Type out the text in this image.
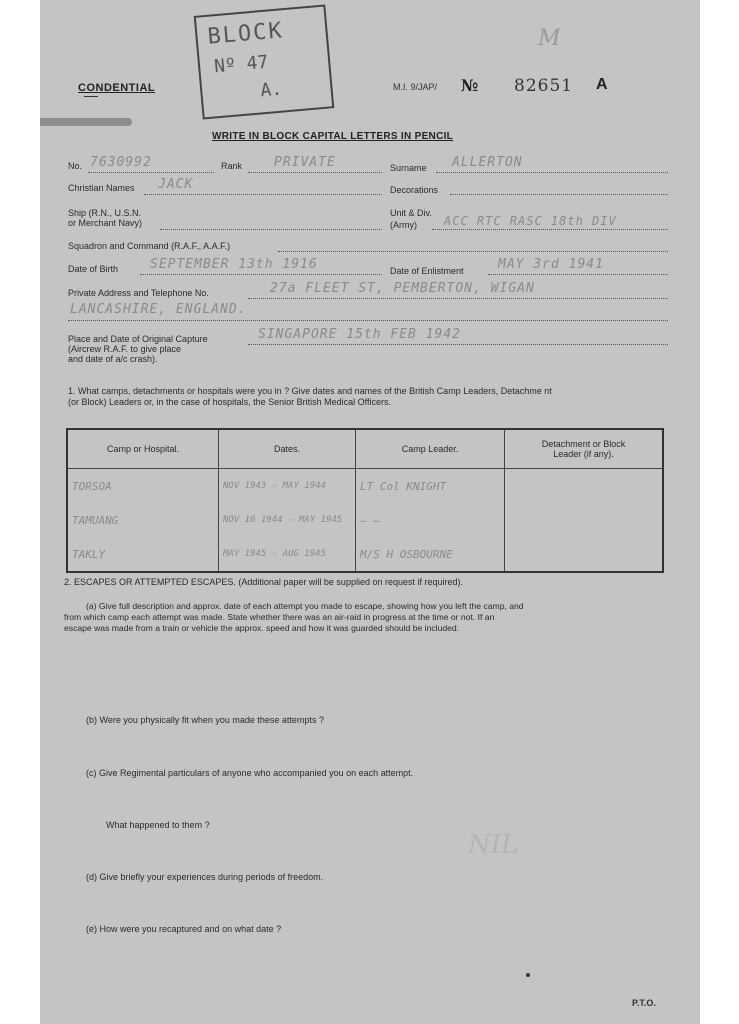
M
CONDENTIAL
BLOCK
Nº 47
A.	M.I. 9/JAP/ № 82651 A
WRITE IN BLOCK CAPITAL LETTERS IN PENCIL
No. 7630992	Rank PRIVATE	Surname ALLERTON
Christian Names JACK	Decorations
Ship (R.N., U.S.N.
or Merchant Navy)
Unit & Div.
(Army) ACC RTC RASC 18th DIV
Squadron and Command (R.A.F., A.A.F.)
Date of Birth SEPTEMBER 13th 1916	Date of Enlistment	MAY 3rd 1941
Private Address and Telephone No.	27a FLEET ST, PEMBERTON, WIGAN
LANCASHIRE, ENGLAND.
Place and Date of Original Capture
(Aircrew R.A.F. to give place
and date of a/c crash).
SINGAPORE 15th FEB 1942
1. What camps, detachments or hospitals were you in ? Give dates and names of the British Camp Leaders, Detachme nt
(or Block) Leaders or, in the case of hospitals, the Senior British Medical Officers.
Camp or Hospital.	Dates.	Camp Leader.	Detachment or Block Leader (if any).
TORSOA	NOV 1943 - MAY 1944	LT Col KNIGHT	
TAMUANG	NOV 16 1944 - MAY 1945	— —	
TAKLY	MAY 1945 - AUG 1945	M/S H OSBOURNE	
2. ESCAPES OR ATTEMPTED ESCAPES. (Additional paper will be supplied on request if required).
(a) Give full description and approx. date of each attempt you made to escape, showing how you left the camp, and
from which camp each attempt was made. State whether there was an air-raid in progress at the time or not. If an
escape was made from a train or vehicle the approx. speed and how it was guarded should be included.
(b) Were you physically fit when you made these attempts ?
(c) Give Regimental particulars of anyone who accompanied you on each attempt.
What happened to them ?
NIL
(d) Give briefly your experiences during periods of freedom.
(e) How were you recaptured and on what date ?
P.T.O.
